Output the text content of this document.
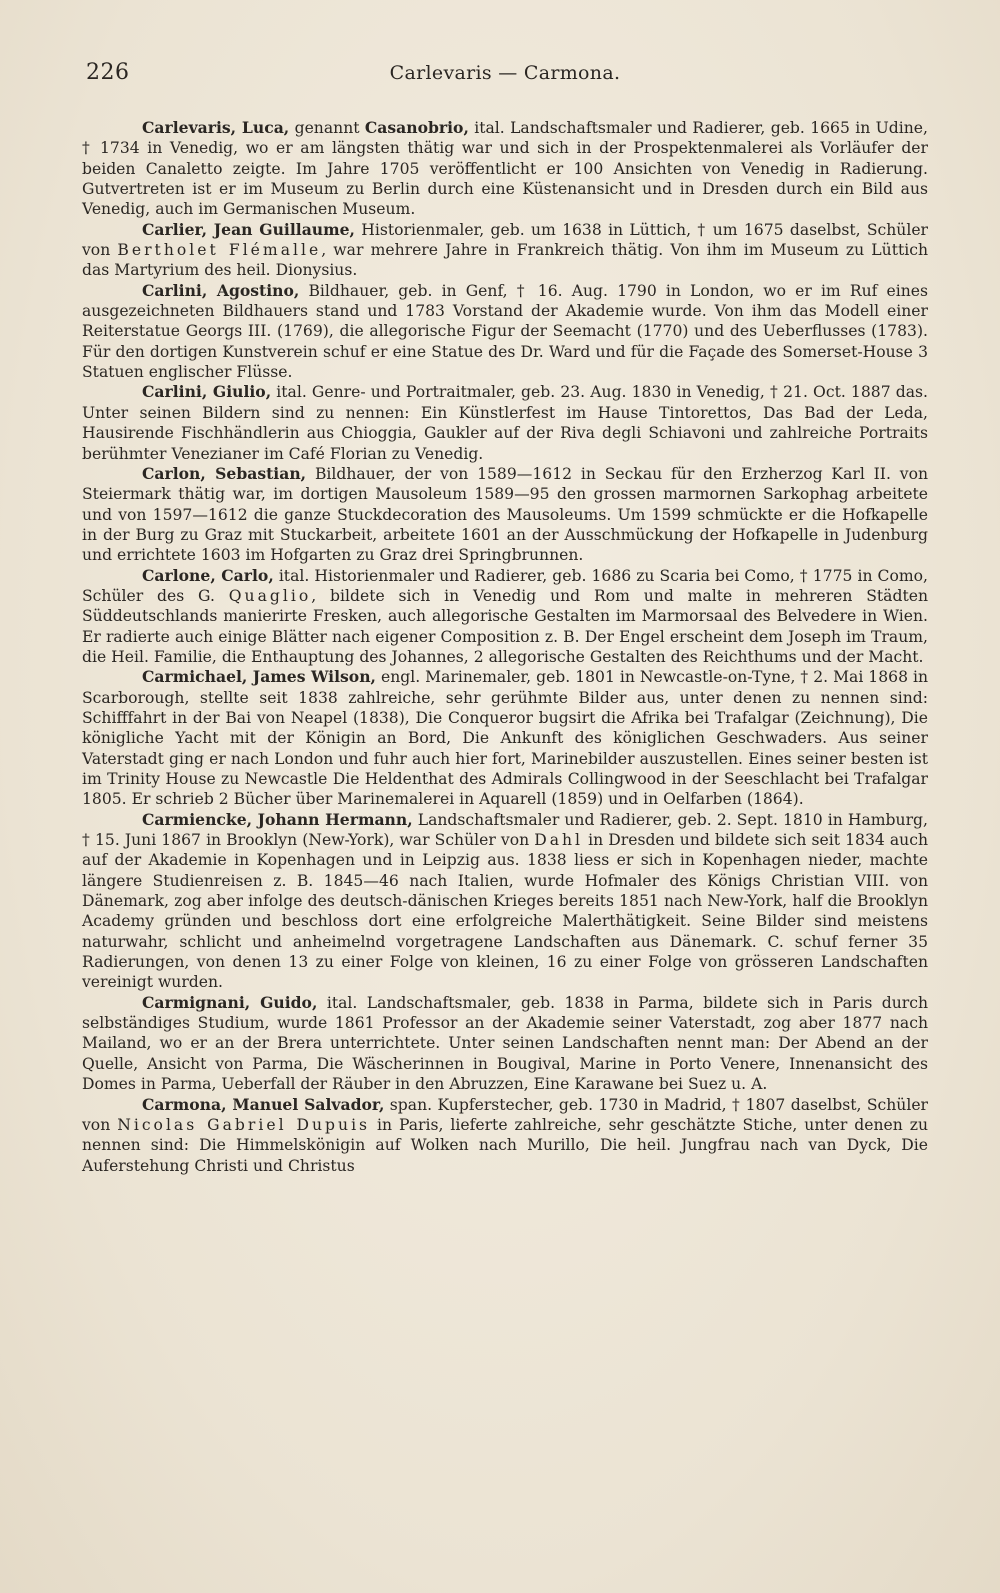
226	Carlevaris — Carmona.

Carlevaris, Luca, genannt Casanobrio, ital. Landschaftsmaler und Radierer, geb. 1665 in Udine, † 1734 in Venedig, wo er am längsten thätig war und sich in der Prospektenmalerei als Vorläufer der beiden Canaletto zeigte. Im Jahre 1705 veröffentlicht er 100 Ansichten von Venedig in Radierung. Gutvertreten ist er im Museum zu Berlin durch eine Küstenansicht und in Dresden durch ein Bild aus Venedig, auch im Germanischen Museum.

Carlier, Jean Guillaume, Historienmaler, geb. um 1638 in Lüttich, † um 1675 daselbst, Schüler von Bertholet Flémalle, war mehrere Jahre in Frankreich thätig. Von ihm im Museum zu Lüttich das Martyrium des heil. Dionysius.

Carlini, Agostino, Bildhauer, geb. in Genf, † 16. Aug. 1790 in London, wo er im Ruf eines ausgezeichneten Bildhauers stand und 1783 Vorstand der Akademie wurde. Von ihm das Modell einer Reiterstatue Georgs III. (1769), die allegorische Figur der Seemacht (1770) und des Ueberflusses (1783). Für den dortigen Kunstverein schuf er eine Statue des Dr. Ward und für die Façade des Somerset-House 3 Statuen englischer Flüsse.

Carlini, Giulio, ital. Genre- und Portraitmaler, geb. 23. Aug. 1830 in Venedig, † 21. Oct. 1887 das. Unter seinen Bildern sind zu nennen: Ein Künstlerfest im Hause Tintorettos, Das Bad der Leda, Hausirende Fischhändlerin aus Chioggia, Gaukler auf der Riva degli Schiavoni und zahlreiche Portraits berühmter Venezianer im Café Florian zu Venedig.

Carlon, Sebastian, Bildhauer, der von 1589—1612 in Seckau für den Erzherzog Karl II. von Steiermark thätig war, im dortigen Mausoleum 1589—95 den grossen marmornen Sarkophag arbeitete und von 1597—1612 die ganze Stuckdecoration des Mausoleums. Um 1599 schmückte er die Hofkapelle in der Burg zu Graz mit Stuckarbeit, arbeitete 1601 an der Ausschmückung der Hofkapelle in Judenburg und errichtete 1603 im Hofgarten zu Graz drei Springbrunnen.

Carlone, Carlo, ital. Historienmaler und Radierer, geb. 1686 zu Scaria bei Como, † 1775 in Como, Schüler des G. Quaglio, bildete sich in Venedig und Rom und malte in mehreren Städten Süddeutschlands manierirte Fresken, auch allegorische Gestalten im Marmorsaal des Belvedere in Wien. Er radierte auch einige Blätter nach eigener Composition z. B. Der Engel erscheint dem Joseph im Traum, die Heil. Familie, die Enthauptung des Johannes, 2 allegorische Gestalten des Reichthums und der Macht.

Carmichael, James Wilson, engl. Marinemaler, geb. 1801 in Newcastle-on-Tyne, † 2. Mai 1868 in Scarborough, stellte seit 1838 zahlreiche, sehr gerühmte Bilder aus, unter denen zu nennen sind: Schifffahrt in der Bai von Neapel (1838), Die Conqueror bugsirt die Afrika bei Trafalgar (Zeichnung), Die königliche Yacht mit der Königin an Bord, Die Ankunft des königlichen Geschwaders. Aus seiner Vaterstadt ging er nach London und fuhr auch hier fort, Marinebilder auszustellen. Eines seiner besten ist im Trinity House zu Newcastle Die Heldenthat des Admirals Collingwood in der Seeschlacht bei Trafalgar 1805. Er schrieb 2 Bücher über Marinemalerei in Aquarell (1859) und in Oelfarben (1864).

Carmiencke, Johann Hermann, Landschaftsmaler und Radierer, geb. 2. Sept. 1810 in Hamburg, † 15. Juni 1867 in Brooklyn (New-York), war Schüler von Dahl in Dresden und bildete sich seit 1834 auch auf der Akademie in Kopenhagen und in Leipzig aus. 1838 liess er sich in Kopenhagen nieder, machte längere Studienreisen z. B. 1845—46 nach Italien, wurde Hofmaler des Königs Christian VIII. von Dänemark, zog aber infolge des deutsch-dänischen Krieges bereits 1851 nach New-York, half die Brooklyn Academy gründen und beschloss dort eine erfolgreiche Malerthätigkeit. Seine Bilder sind meistens naturwahr, schlicht und anheimelnd vorgetragene Landschaften aus Dänemark. C. schuf ferner 35 Radierungen, von denen 13 zu einer Folge von kleinen, 16 zu einer Folge von grösseren Landschaften vereinigt wurden.

Carmignani, Guido, ital. Landschaftsmaler, geb. 1838 in Parma, bildete sich in Paris durch selbständiges Studium, wurde 1861 Professor an der Akademie seiner Vaterstadt, zog aber 1877 nach Mailand, wo er an der Brera unterrichtete. Unter seinen Landschaften nennt man: Der Abend an der Quelle, Ansicht von Parma, Die Wäscherinnen in Bougival, Marine in Porto Venere, Innenansicht des Domes in Parma, Ueberfall der Räuber in den Abruzzen, Eine Karawane bei Suez u. A.

Carmona, Manuel Salvador, span. Kupferstecher, geb. 1730 in Madrid, † 1807 daselbst, Schüler von Nicolas Gabriel Dupuis in Paris, lieferte zahlreiche, sehr geschätzte Stiche, unter denen zu nennen sind: Die Himmelskönigin auf Wolken nach Murillo, Die heil. Jungfrau nach van Dyck, Die Auferstehung Christi und Christus
